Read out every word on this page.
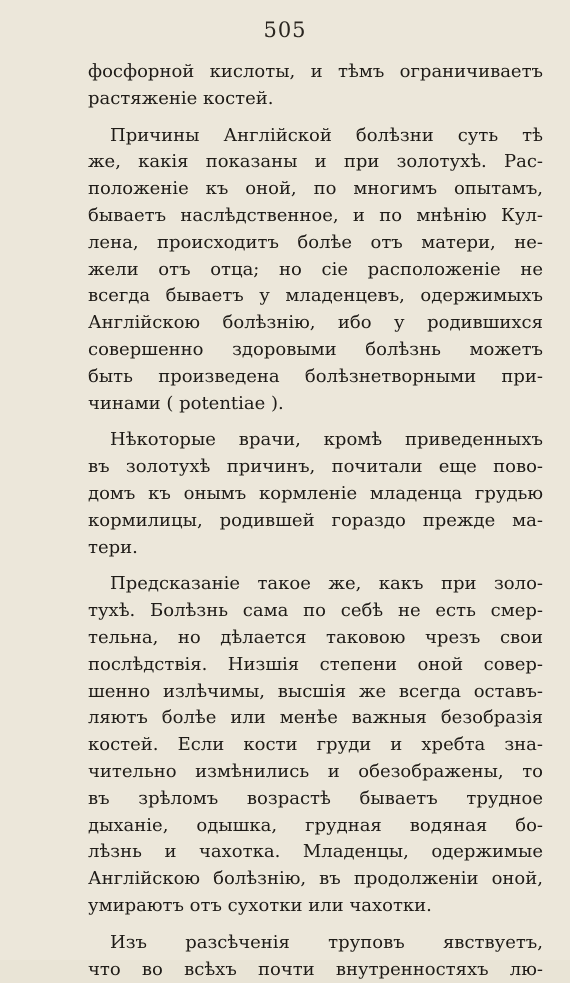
505
фосфорной кислоты, и тѣмъ ограничиваетъ
растяженіе костей.
Причины Англійской болѣзни суть тѣ
же, какія показаны и при золотухѣ. Рас-
положеніе къ оной, по многимъ опытамъ,
бываетъ наслѣдственное, и по мнѣнію Кул-
лена, происходитъ болѣе отъ матери, не-
жели отъ отца; но сіе расположеніе не
всегда бываетъ у младенцевъ, одержимыхъ
Англійскою болѣзнію, ибо у родившихся
совершенно здоровыми болѣзнь можетъ
быть произведена болѣзнетворными при-
чинами ( potentiae ).
Нѣкоторые врачи, кромѣ приведенныхъ
въ золотухѣ причинъ, почитали еще пово-
домъ къ онымъ кормленіе младенца грудью
кормилицы, родившей гораздо прежде ма-
тери.
Предсказаніе такое же, какъ при золо-
тухѣ. Болѣзнь сама по себѣ не есть смер-
тельна, но дѣлается таковою чрезъ свои
послѣдствія. Низшія степени оной совер-
шенно излѣчимы, высшія же всегда оставъ-
ляютъ болѣе или менѣе важныя безобразія
костей. Если кости груди и хребта зна-
чительно измѣнились и обезображены, то
въ зрѣломъ возрастѣ бываетъ трудное
дыханіе, одышка, грудная водяная бо-
лѣзнь и чахотка. Младенцы, одержимые
Англійскою болѣзнію, въ продолженіи оной,
умираютъ отъ сухотки или чахотки.
Изъ разсѣченія труповъ явствуетъ,
что во всѣхъ почти внутренностяхъ лю-
